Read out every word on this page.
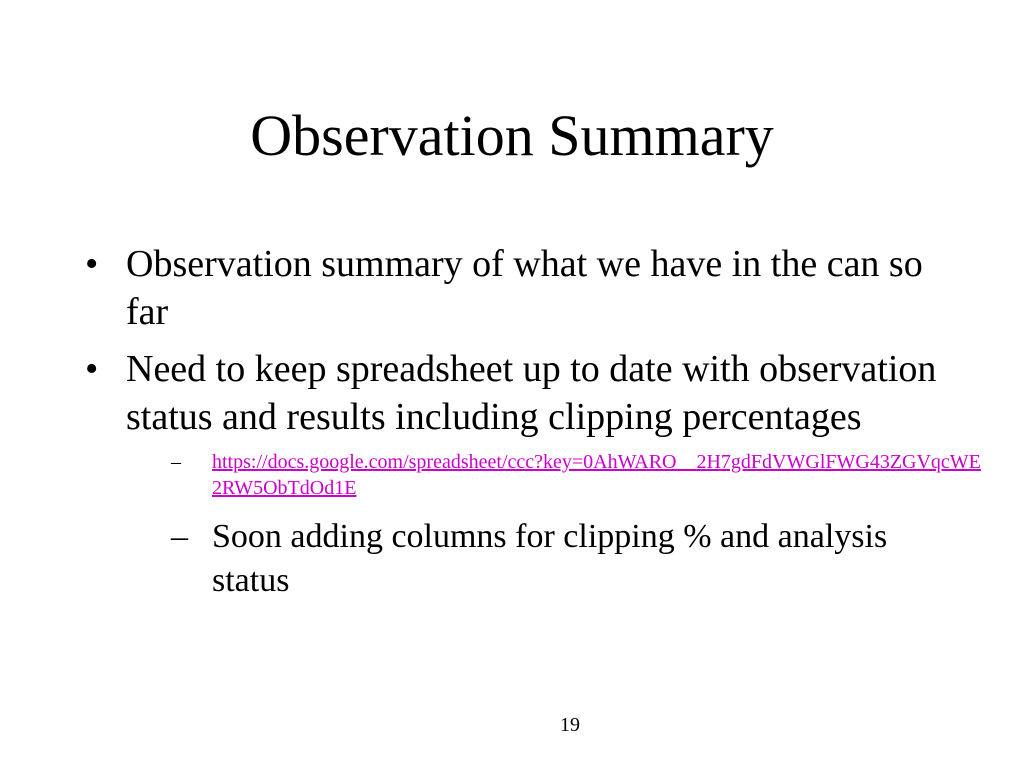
Observation Summary
• Observation summary of what we have in the can so far
• Need to keep spreadsheet up to date with observation status and results including clipping percentages
–	https://docs.google.com/spreadsheet/ccc?key=0AhWARO__2H7gdFdVWGlFWG43ZGVqcWE2RW5ObTdOd1E
– Soon adding columns for clipping % and analysis status
19
